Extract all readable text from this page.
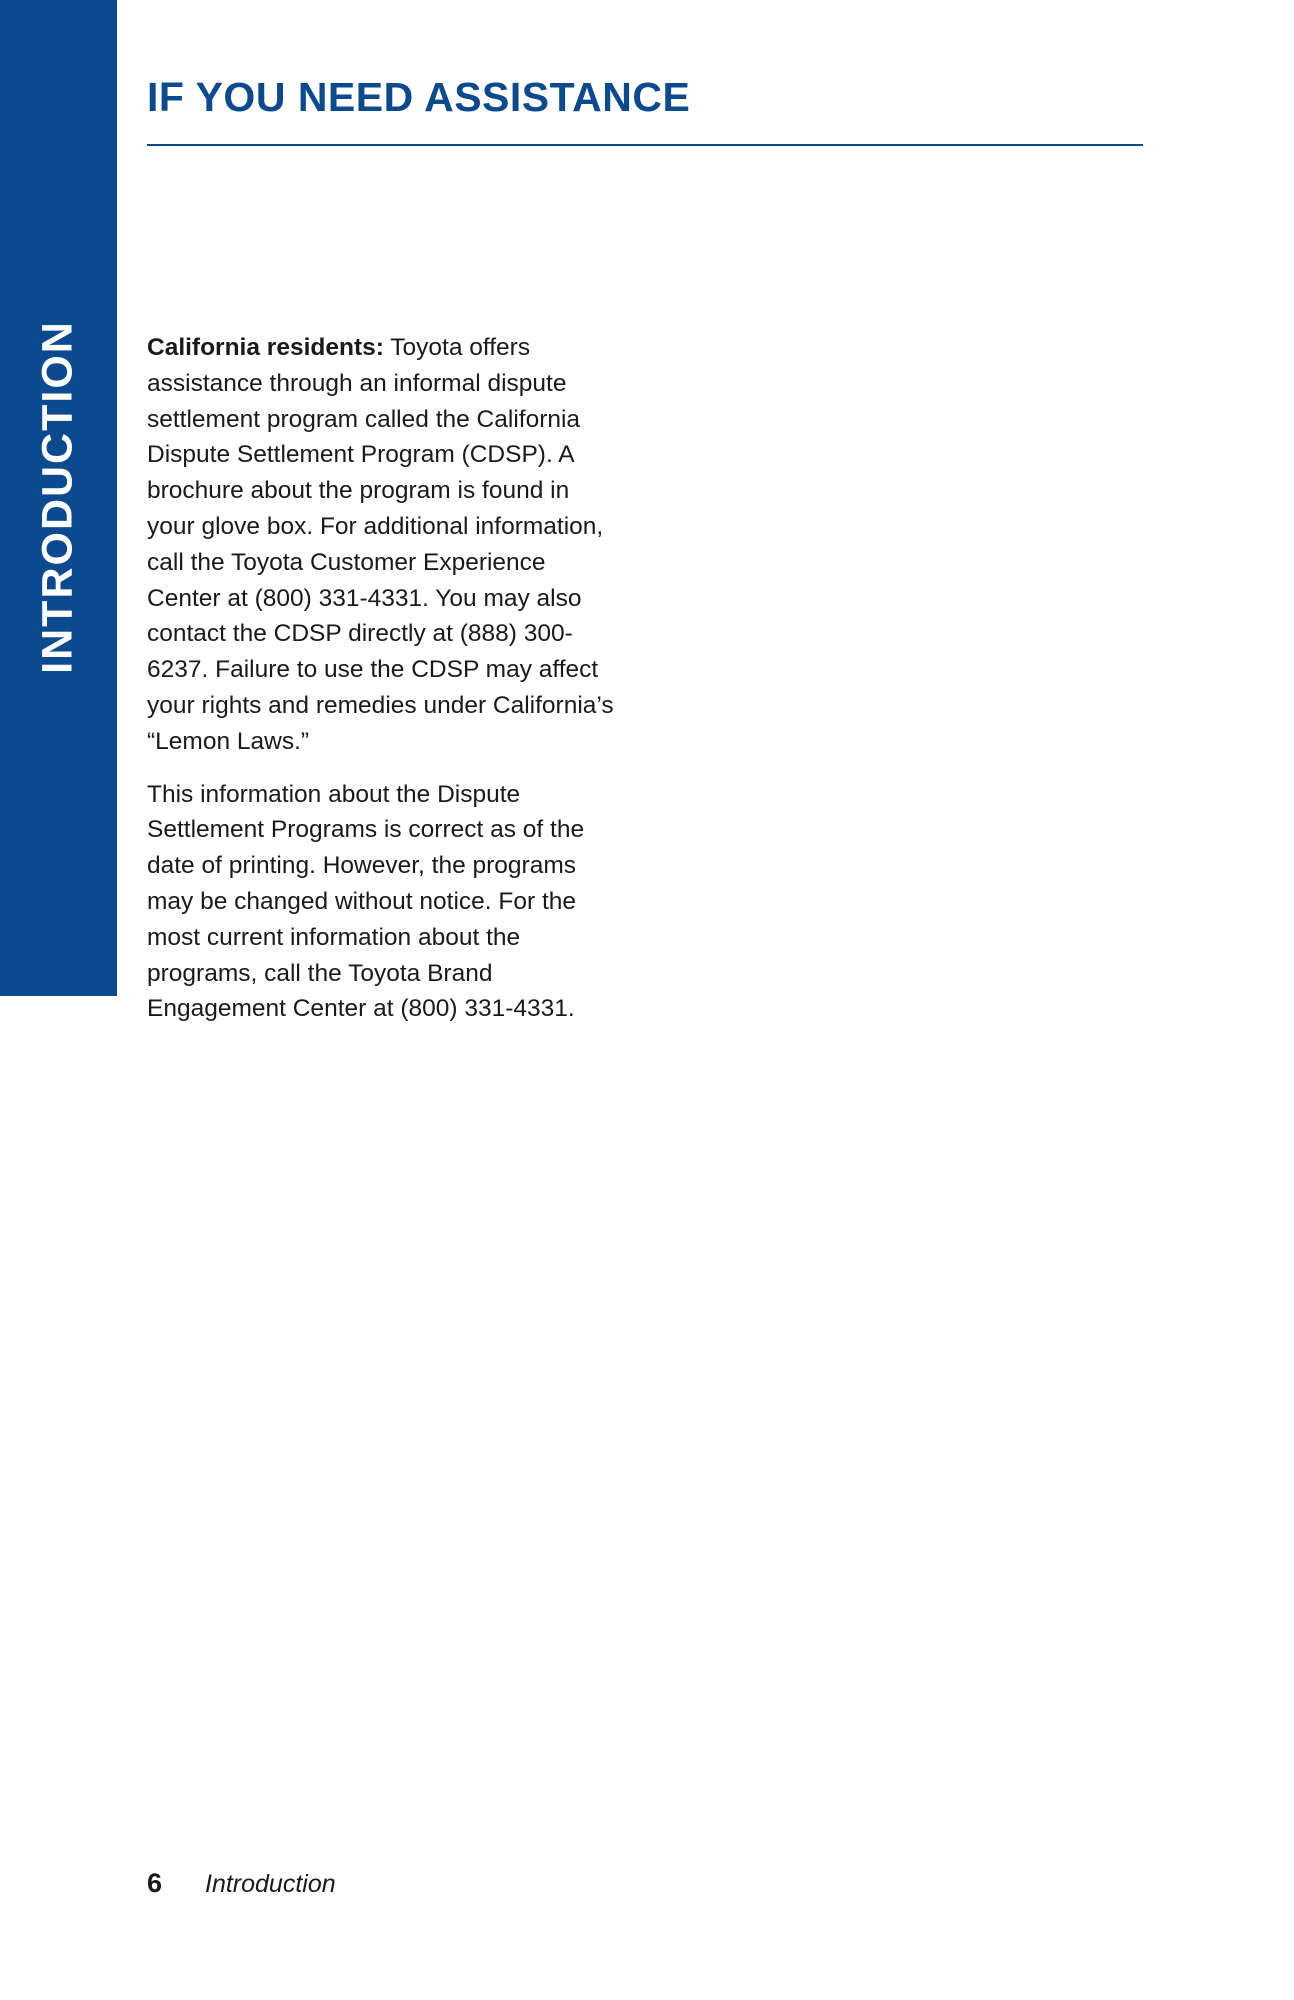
INTRODUCTION
IF YOU NEED ASSISTANCE

California residents: Toyota offers assistance through an informal dispute settlement program called the California Dispute Settlement Program (CDSP). A brochure about the program is found in your glove box. For additional information, call the Toyota Customer Experience Center at (800) 331-4331. You may also contact the CDSP directly at (888) 300-6237. Failure to use the CDSP may affect your rights and remedies under California’s “Lemon Laws.”

This information about the Dispute Settlement Programs is correct as of the date of printing. However, the programs may be changed without notice. For the most current information about the programs, call the Toyota Brand Engagement Center at (800) 331-4331.

6 Introduction
